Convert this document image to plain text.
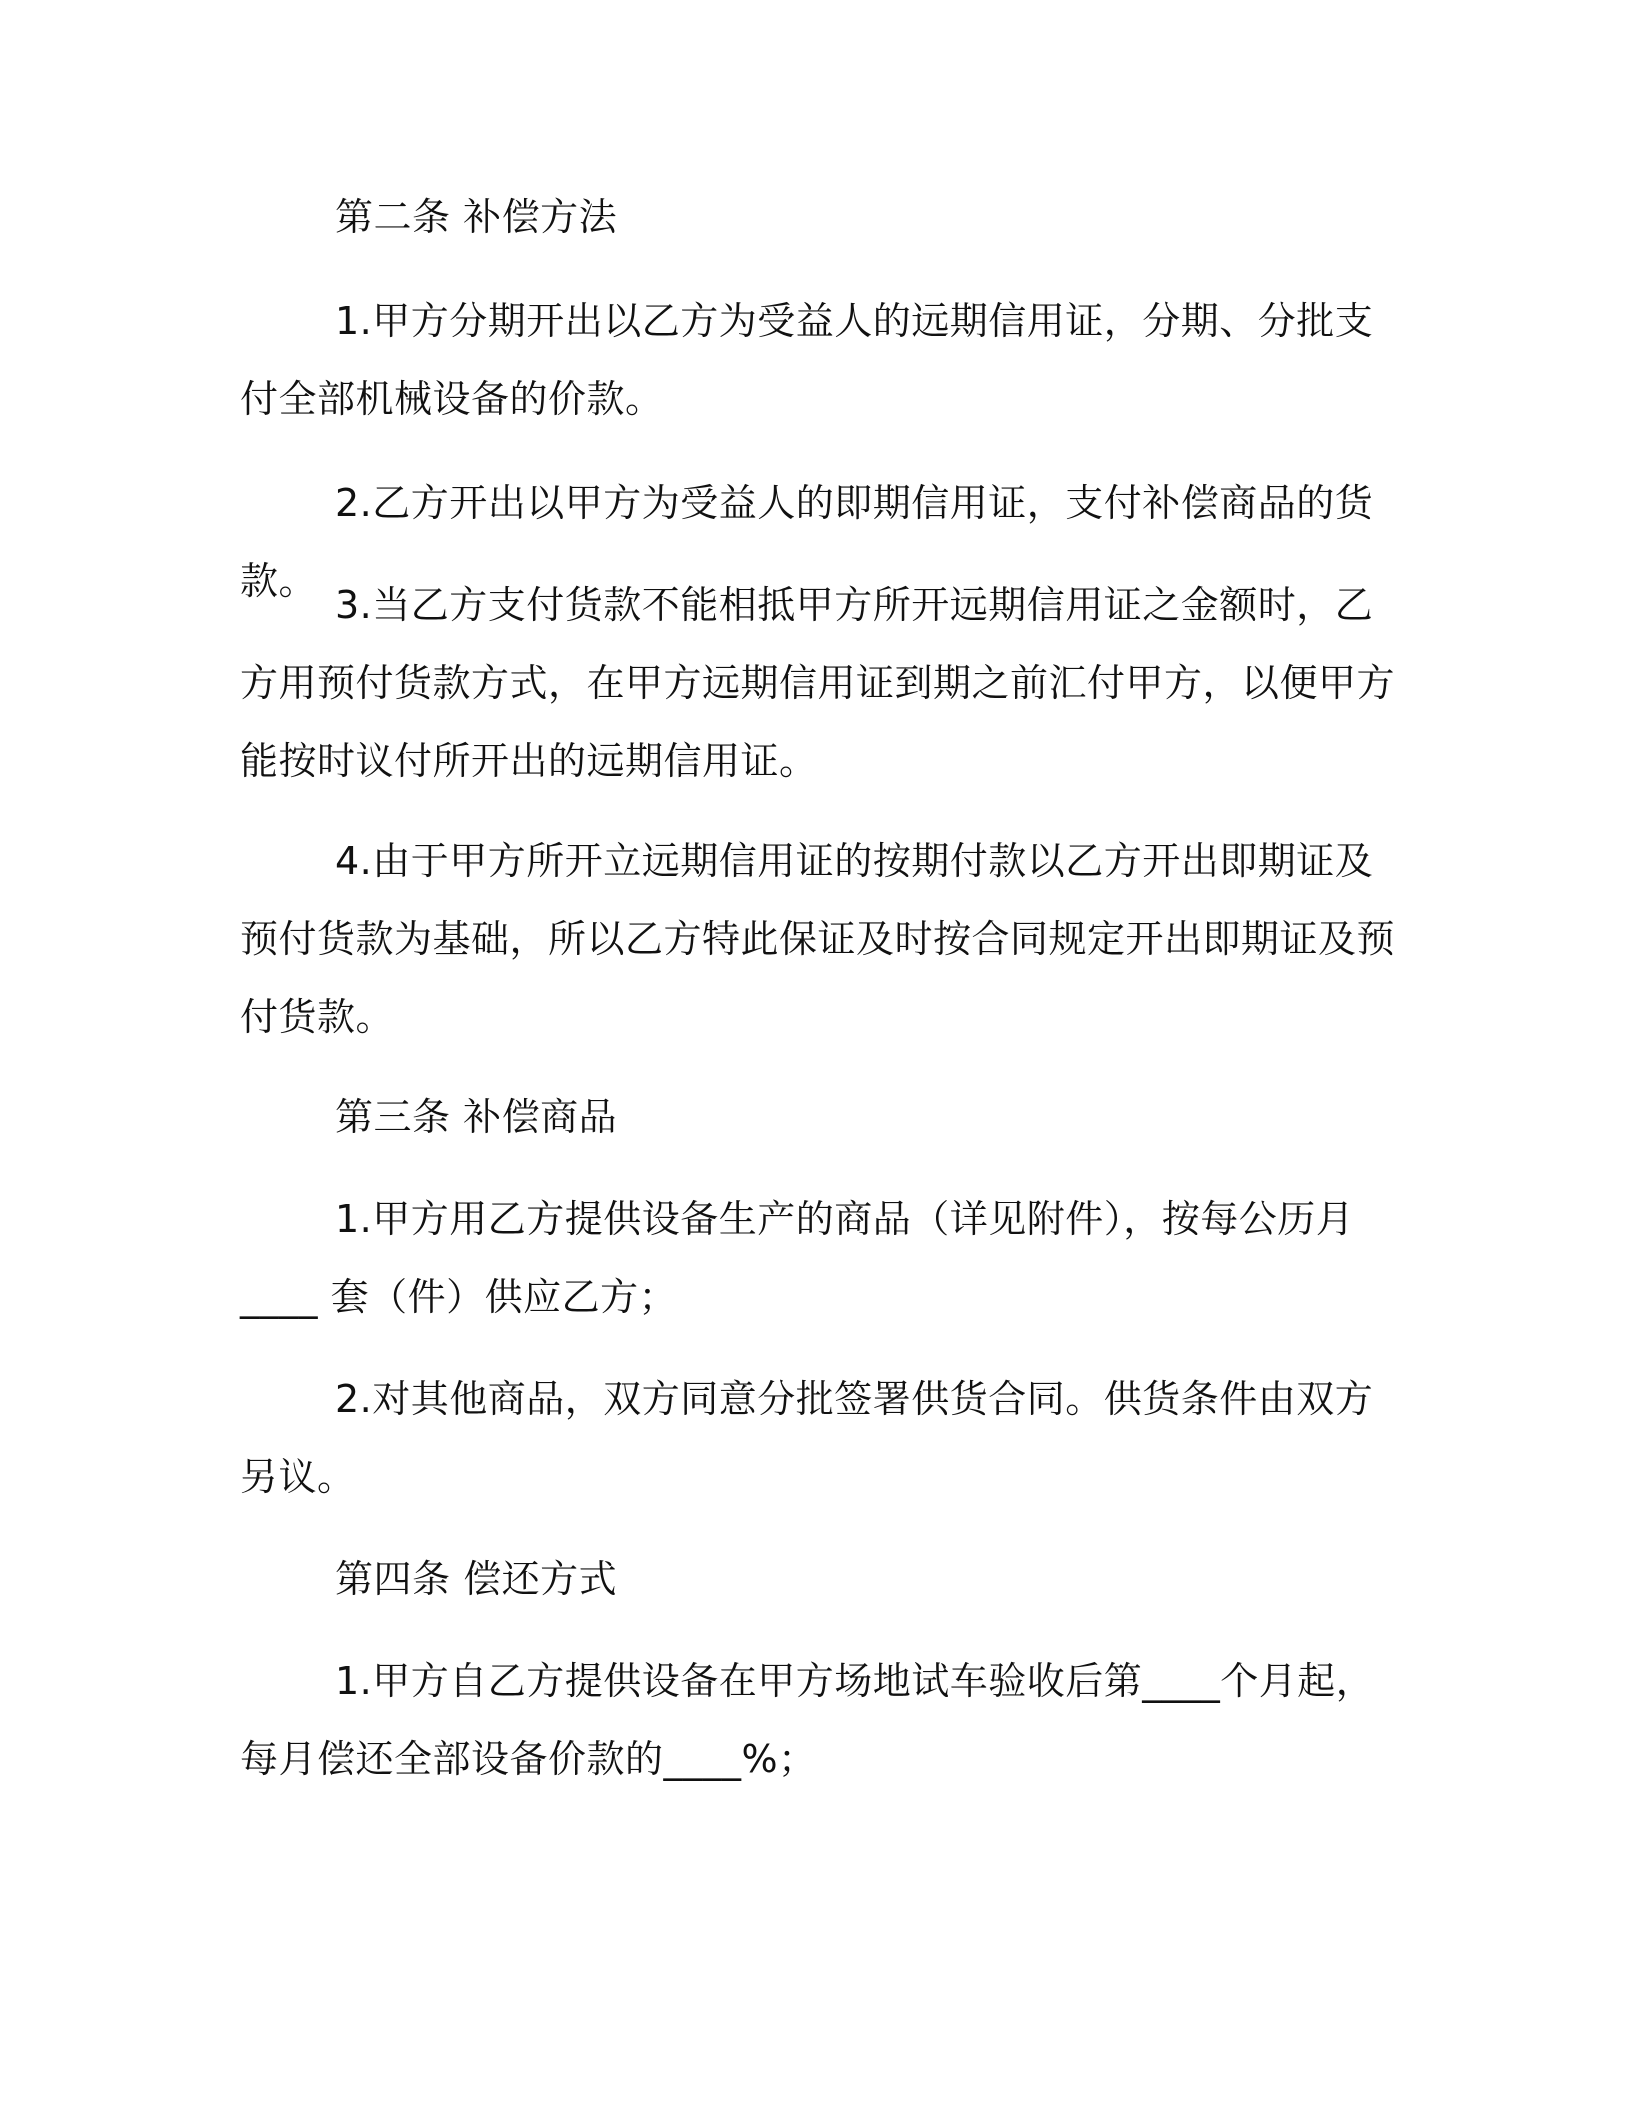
第二条 补偿方法

1.甲方分期开出以乙方为受益人的远期信用证，分期、分批支付全部机械设备的价款。

2.乙方开出以甲方为受益人的即期信用证，支付补偿商品的货款。

3.当乙方支付货款不能相抵甲方所开远期信用证之金额时，乙方用预付货款方式，在甲方远期信用证到期之前汇付甲方，以便甲方能按时议付所开出的远期信用证。

4.由于甲方所开立远期信用证的按期付款以乙方开出即期证及预付货款为基础，所以乙方特此保证及时按合同规定开出即期证及预付货款。

第三条 补偿商品

1.甲方用乙方提供设备生产的商品（详见附件），按每公历月____ 套（件）供应乙方；

2.对其他商品，双方同意分批签署供货合同。供货条件由双方另议。

第四条 偿还方式

1.甲方自乙方提供设备在甲方场地试车验收后第____个月起，每月偿还全部设备价款的____%；
